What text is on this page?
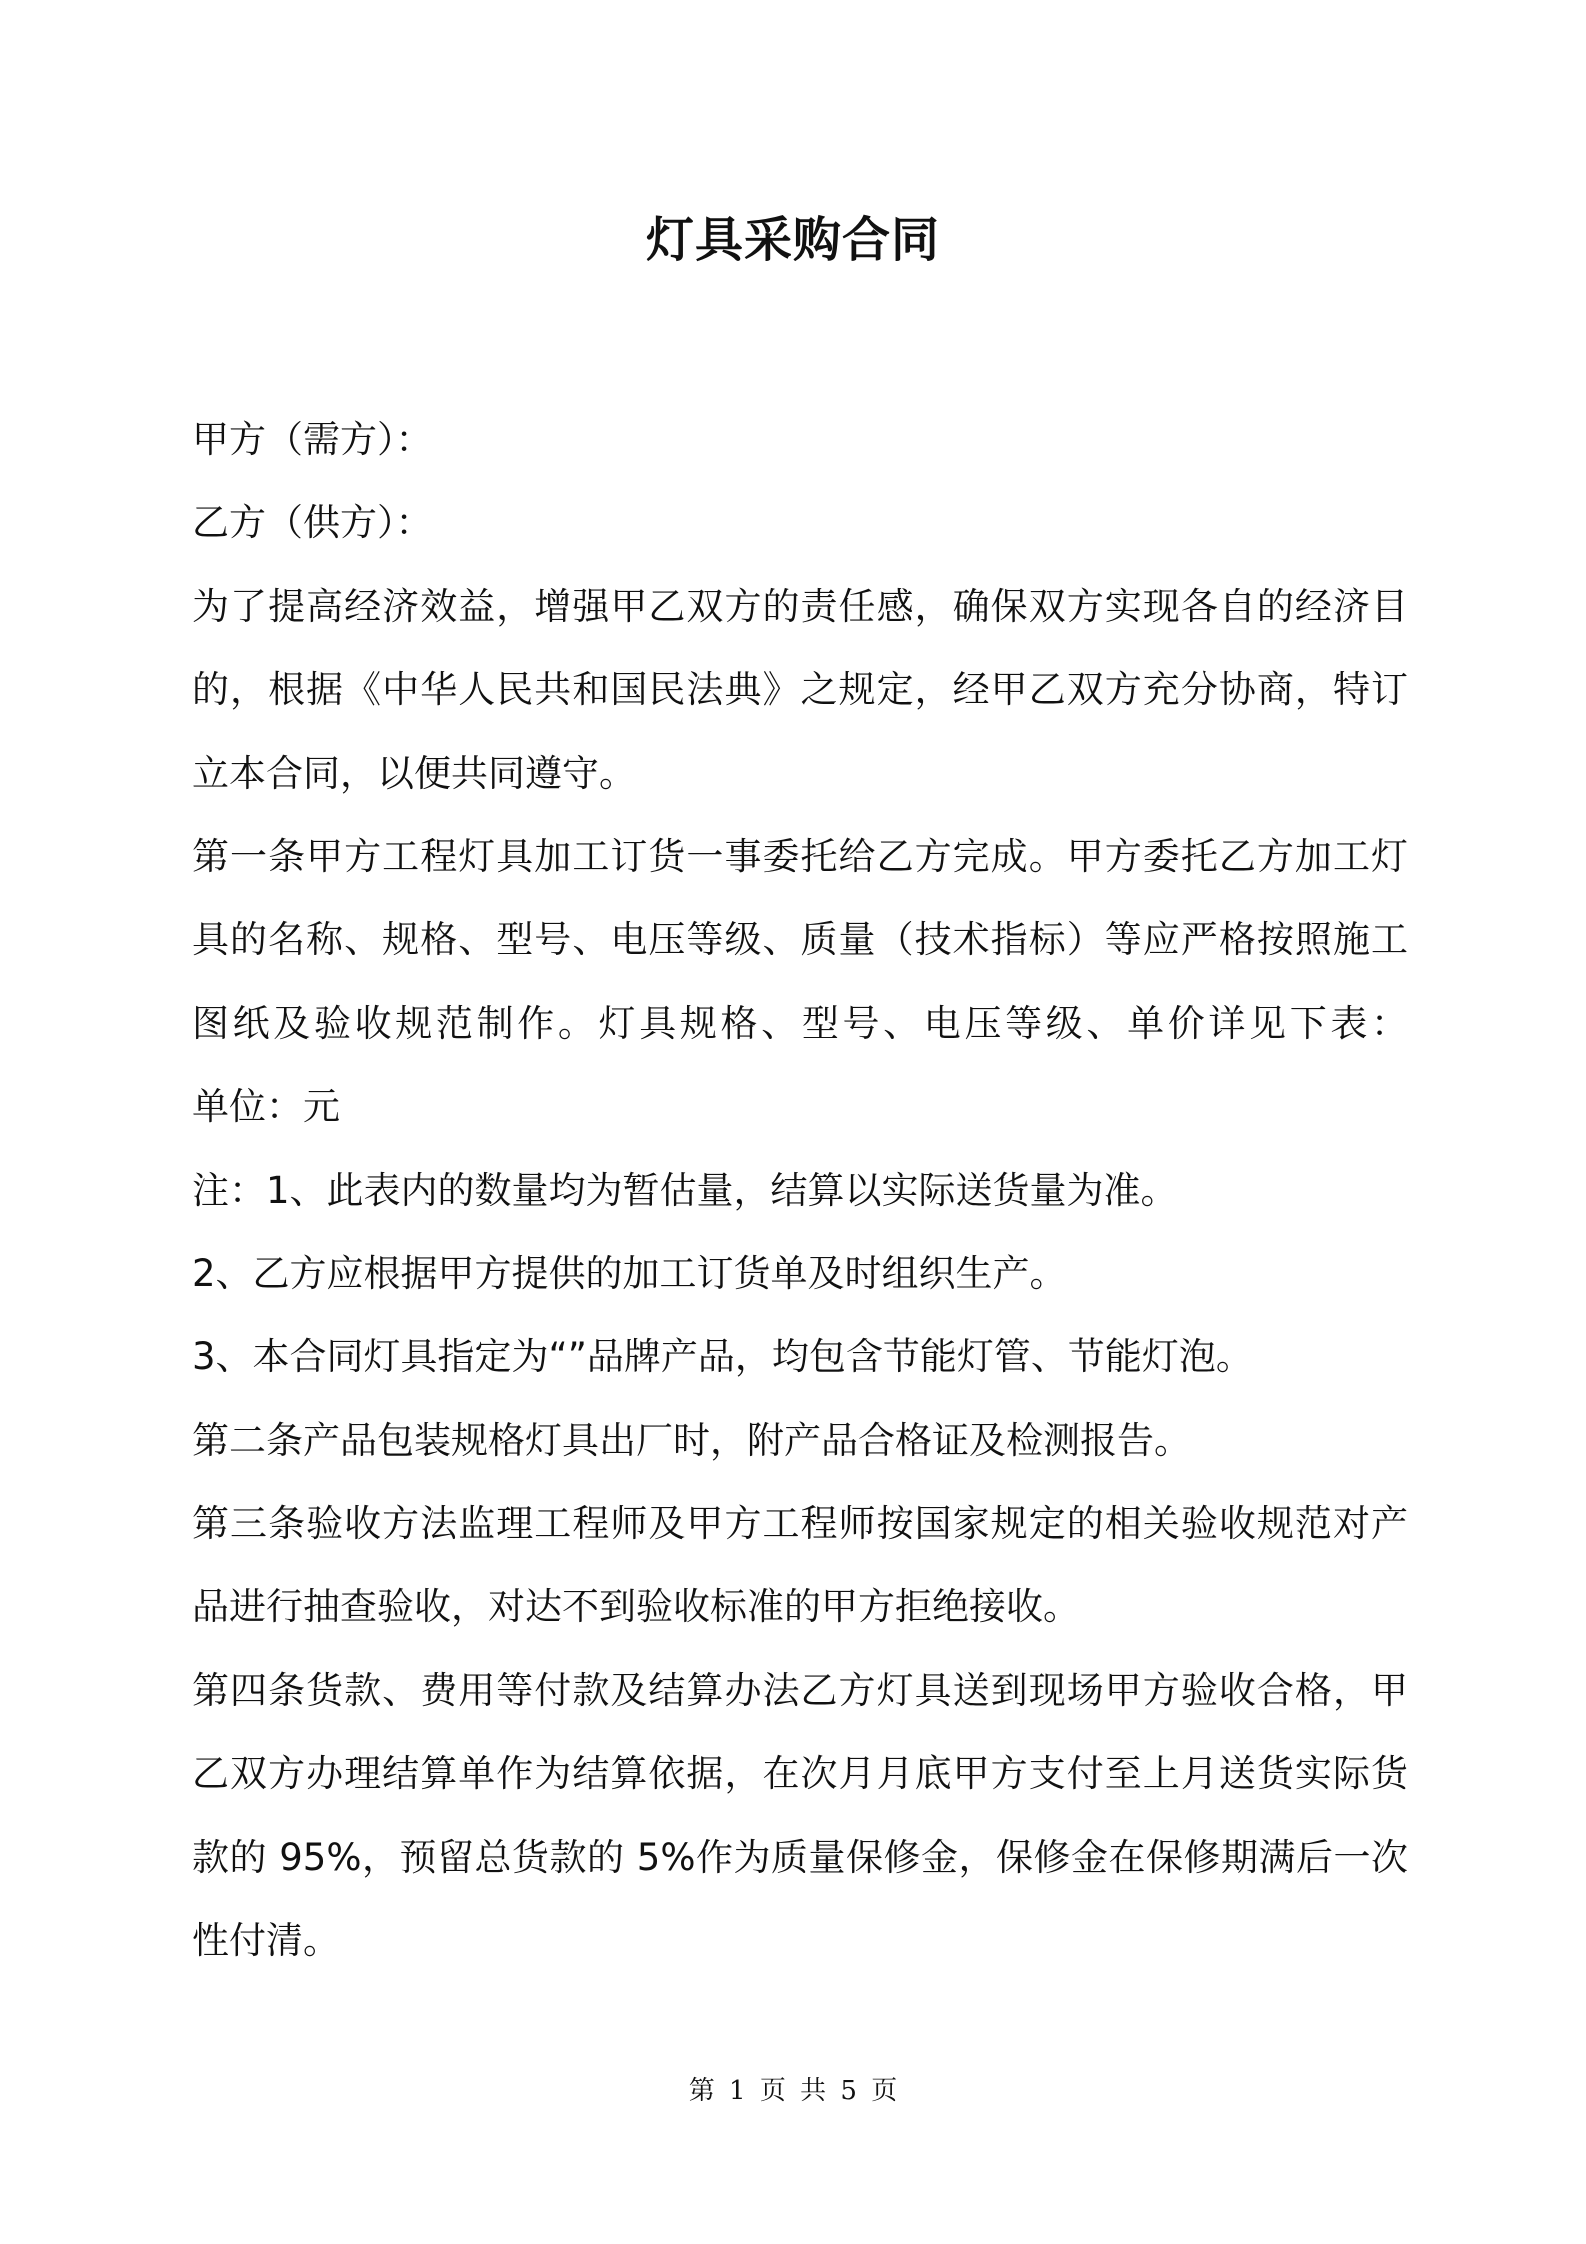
灯具采购合同
甲方（需方）：
乙方（供方）：
为了提高经济效益，增强甲乙双方的责任感，确保双方实现各自的经济目
的，根据《中华人民共和国民法典》之规定，经甲乙双方充分协商，特订
立本合同，以便共同遵守。
第一条甲方工程灯具加工订货一事委托给乙方完成。甲方委托乙方加工灯
具的名称、规格、型号、电压等级、质量（技术指标）等应严格按照施工
图纸及验收规范制作。灯具规格、型号、电压等级、单价详见下表：
单位：元
注：1、此表内的数量均为暂估量，结算以实际送货量为准。
2、乙方应根据甲方提供的加工订货单及时组织生产。
3、本合同灯具指定为“”品牌产品，均包含节能灯管、节能灯泡。
第二条产品包装规格灯具出厂时，附产品合格证及检测报告。
第三条验收方法监理工程师及甲方工程师按国家规定的相关验收规范对产
品进行抽查验收，对达不到验收标准的甲方拒绝接收。
第四条货款、费用等付款及结算办法乙方灯具送到现场甲方验收合格，甲
乙双方办理结算单作为结算依据，在次月月底甲方支付至上月送货实际货
款的 95%，预留总货款的 5%作为质量保修金，保修金在保修期满后一次
性付清。
第 1 页 共 5 页
